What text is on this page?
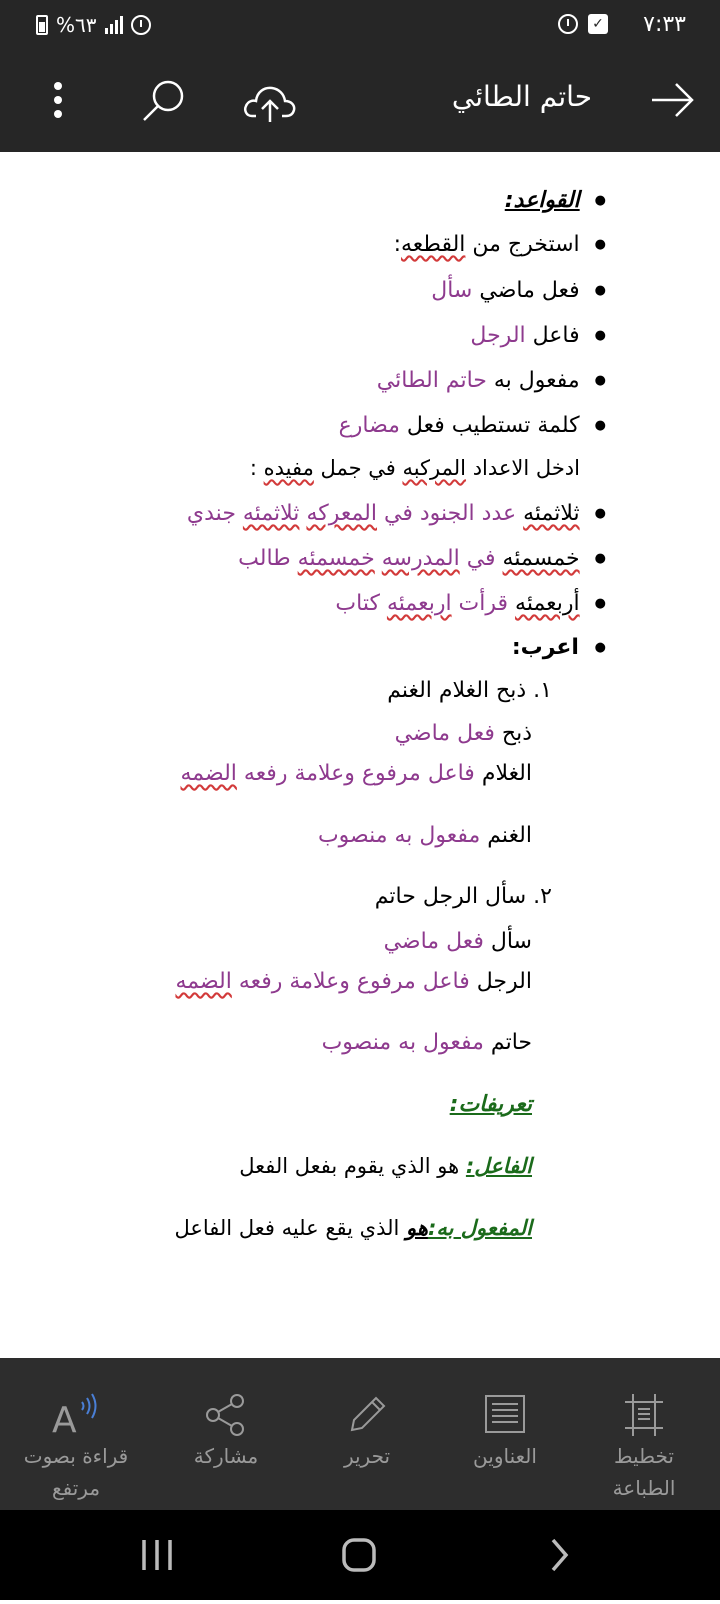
%٦٣	✓ ٧:٣٣
حاتم الطائي
● القواعد:
● استخرج من القطعه:
● فعل ماضي سأل
● فاعل الرجل
● مفعول به حاتم الطائي
● كلمة تستطيب فعل مضارع
ادخل الاعداد المركبه في جمل مفيده :
● ثلاثمئه عدد الجنود في المعركه ثلاثمئه جندي
● خمسمئه في المدرسه خمسمئه طالب
● أربعمئه قرأت اربعمئه كتاب
● اعرب:
١. ذبح الغلام الغنم
ذبح فعل ماضي
الغلام فاعل مرفوع وعلامة رفعه الضمه
الغنم مفعول به منصوب
٢. سأل الرجل حاتم
سأل فعل ماضي
الرجل فاعل مرفوع وعلامة رفعه الضمه
حاتم مفعول به منصوب
تعريفات:
الفاعل: هو الذي يقوم بفعل الفعل
المفعول به:هو الذي يقع عليه فعل الفاعل
تخطيط الطباعة
العناوين
تحرير
مشاركة
A
قراءة بصوت مرتفع
